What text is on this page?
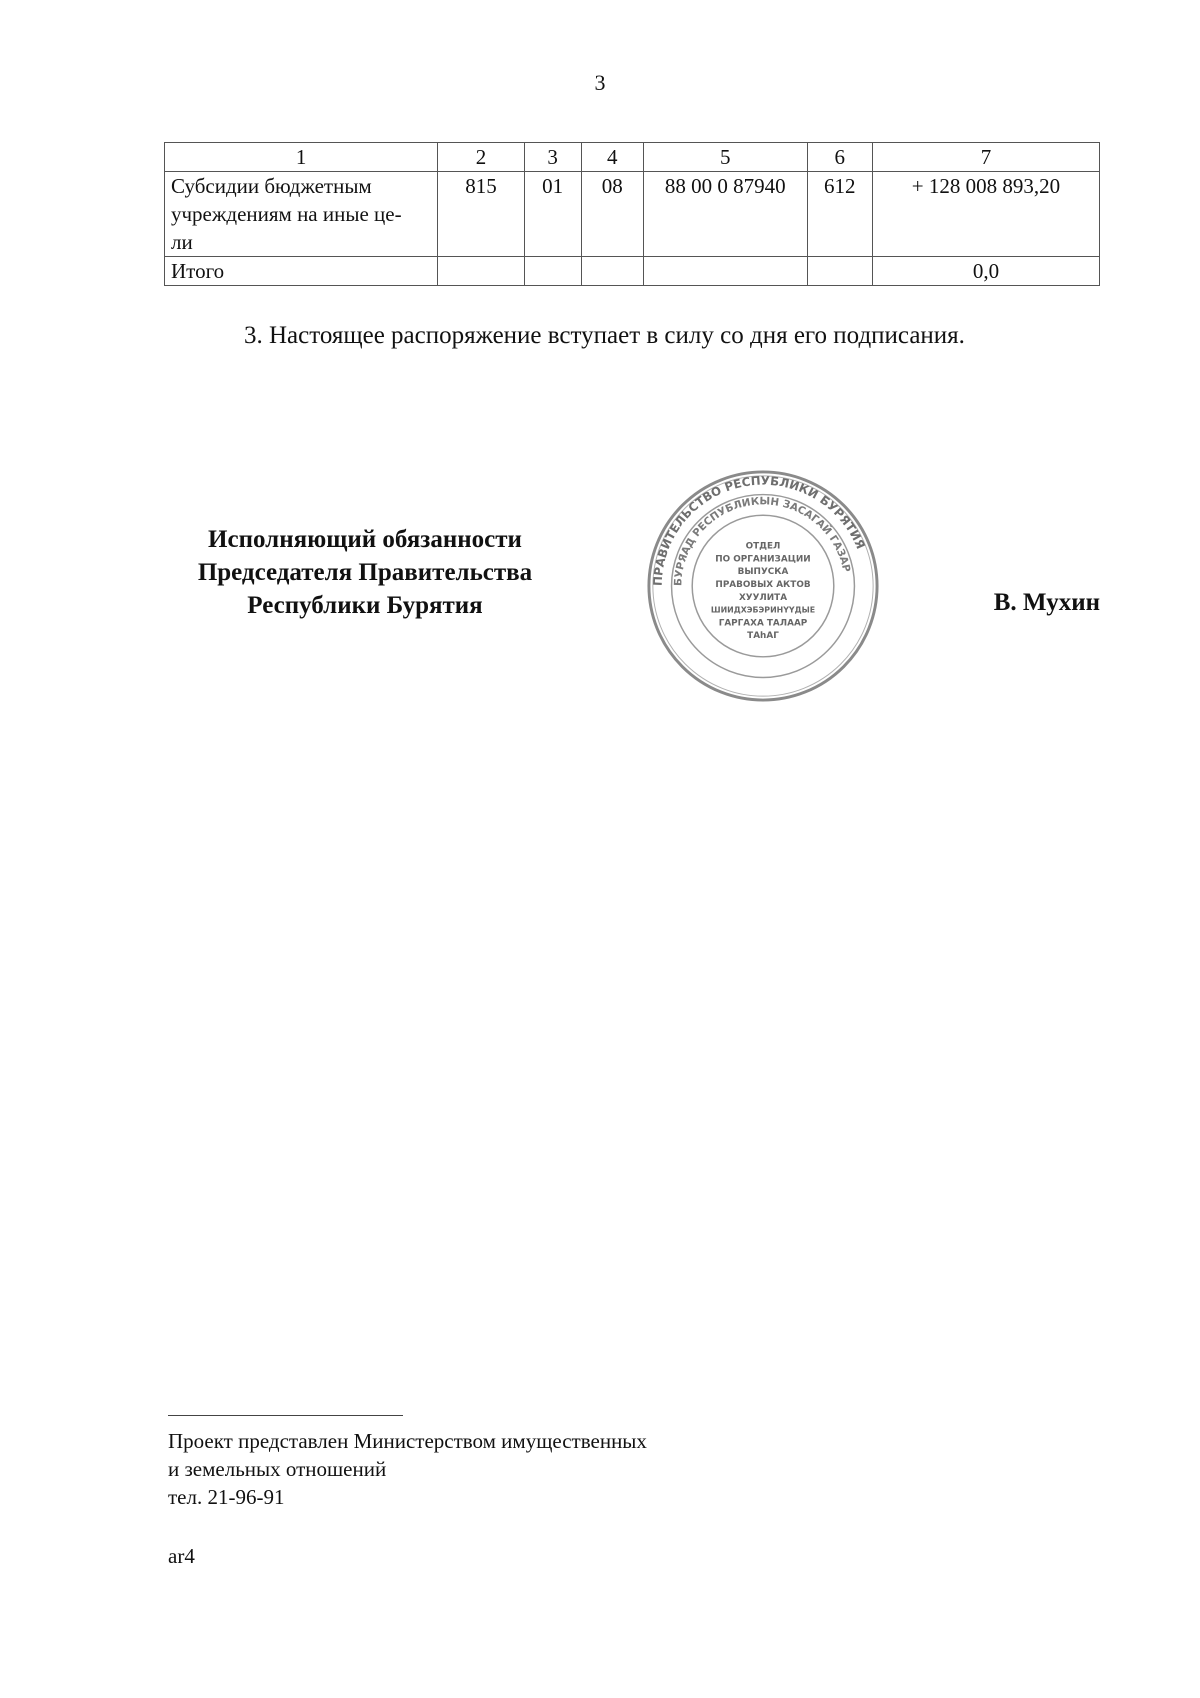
3
1	2	3	4	5	6	7

Субсидии бюджетным
учреждениям на иные це-
ли	815	01	08	88 00 0 87940	612	+ 128 008 893,20
Итого						0,0
3. Настоящее распоряжение вступает в силу со дня его подписания.
Исполняющий обязанности
Председателя Правительства
Республики Бурятия
ПРАВИТЕЛЬСТВО РЕСПУБЛИКИ БУРЯТИЯ
БУРЯАД РЕСПУБЛИКЫН ЗАСАГАЙ ГАЗАР
ОТДЕЛ
ПО ОРГАНИЗАЦИИ
ВЫПУСКА
ПРАВОВЫХ АКТОВ
ХУУЛИТА
ШИИДХЭБЭРИНҮҮДЫЕ
ГАРГАХА ТАЛААР
ТАһАГ
В. Мухин
Проект представлен Министерством имущественных
и земельных отношений
тел. 21-96-91
ar4
